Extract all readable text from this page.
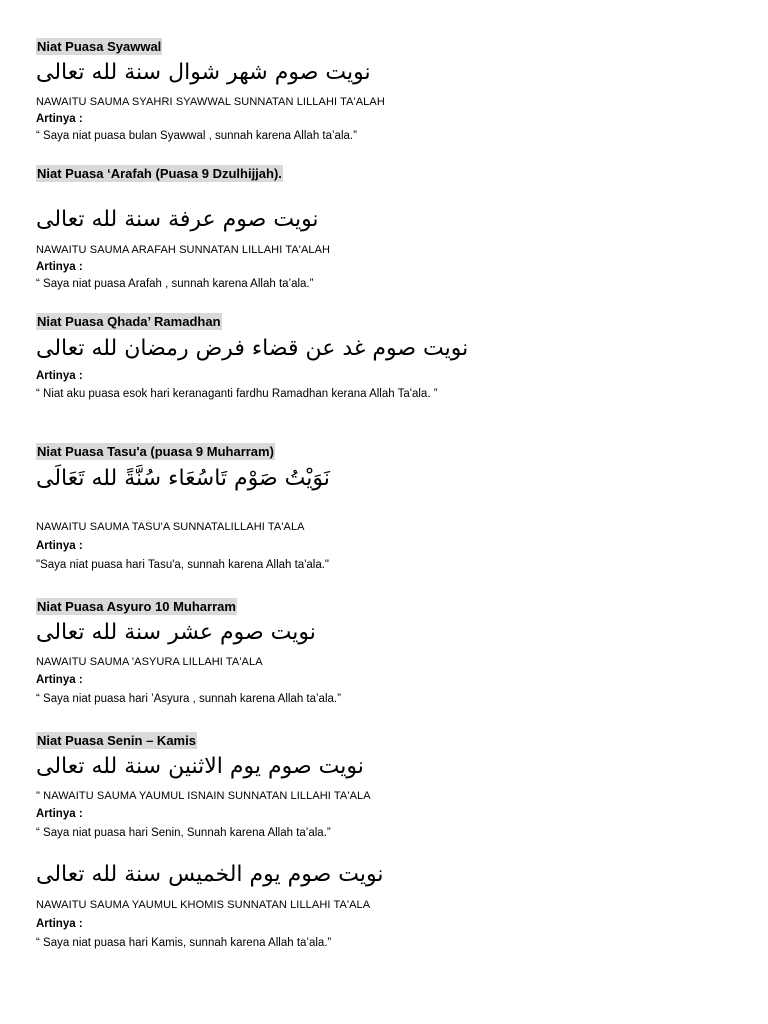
Niat Puasa Syawwal
نويت صوم شهر شوال سنة لله تعالى
NAWAITU SAUMA SYAHRI SYAWWAL SUNNATAN LILLAHI TA'ALAH
Artinya :
“ Saya niat puasa bulan Syawwal , sunnah karena Allah ta’ala.”
Niat Puasa ‘Arafah (Puasa 9 Dzulhijjah).
نويت صوم عرفة سنة لله تعالى
NAWAITU SAUMA ARAFAH SUNNATAN LILLAHI TA'ALAH
Artinya :
“ Saya niat puasa Arafah , sunnah karena Allah ta’ala.”
Niat Puasa Qhada’ Ramadhan
نويت صوم غد عن قضاء فرض رمضان لله تعالى
Artinya :
“ Niat aku puasa esok hari keranaganti fardhu Ramadhan kerana Allah Ta'ala. ”
Niat Puasa Tasu'a (puasa 9 Muharram)
نَوَيْتُ صَوْم تَاسُعَاء سُنَّةً لله تَعَالَى
NAWAITU SAUMA TASU'A SUNNATALILLAHI TA'ALA
Artinya :
"Saya niat puasa hari Tasu'a, sunnah karena Allah ta'ala."
Niat Puasa Asyuro 10 Muharram
نويت صوم عشر سنة لله تعالى
NAWAITU SAUMA 'ASYURA LILLAHI TA'ALA
Artinya :
“ Saya niat puasa hari ’Asyura , sunnah karena Allah ta’ala.”
Niat Puasa Senin – Kamis
نويت صوم يوم الاثنين سنة لله تعالى
" NAWAITU SAUMA YAUMUL ISNAIN SUNNATAN LILLAHI TA'ALA
Artinya :
“ Saya niat puasa hari Senin, Sunnah karena Allah ta’ala.”
نويت صوم يوم الخميس سنة لله تعالى
NAWAITU SAUMA YAUMUL KHOMIS SUNNATAN LILLAHI TA'ALA
Artinya :
“ Saya niat puasa hari Kamis, sunnah karena Allah ta’ala.”
